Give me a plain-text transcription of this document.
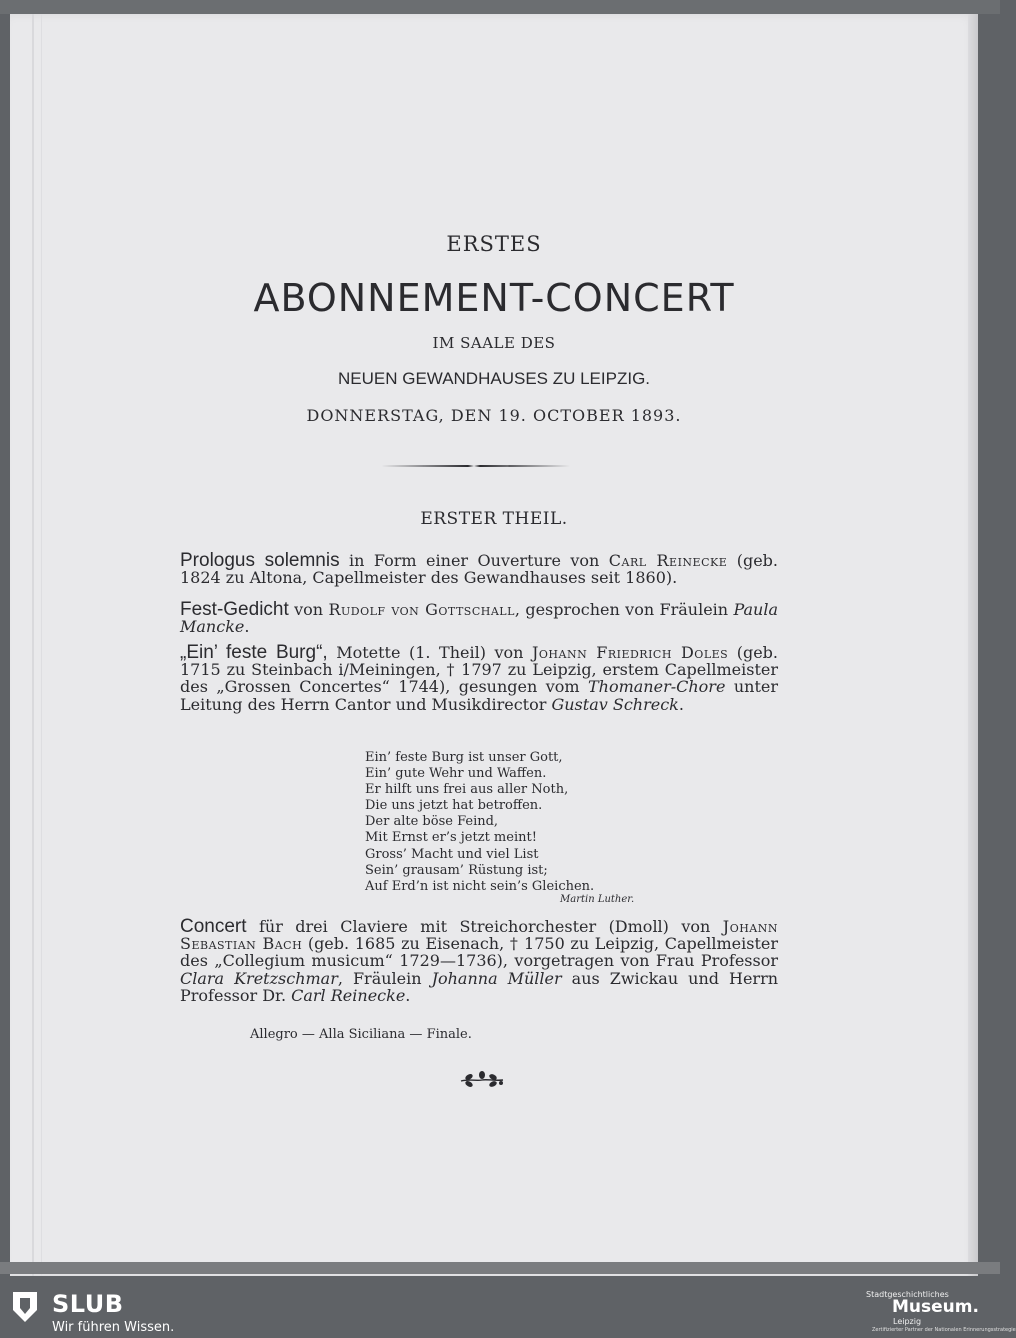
ERSTES
ABONNEMENT-CONCERT
IM SAALE DES
NEUEN GEWANDHAUSES ZU LEIPZIG.
DONNERSTAG, DEN 19. OCTOBER 1893.
ERSTER THEIL.
Prologus solemnis in Form einer Ouverture von Carl Reinecke (geb. 1824 zu Altona, Capellmeister des Gewandhauses seit 1860).
Fest-Gedicht von Rudolf von Gottschall, gesprochen von Fräulein Paula Mancke.
„Ein’ feste Burg“, Motette (1. Theil) von Johann Friedrich Doles (geb. 1715 zu Steinbach i/Meiningen, † 1797 zu Leipzig, erstem Capellmeister des „Grossen Concertes“ 1744), gesungen vom Thomaner-Chore unter Leitung des Herrn Cantor und Musikdirector Gustav Schreck.
Ein’ feste Burg ist unser Gott,
Ein’ gute Wehr und Waffen.
Er hilft uns frei aus aller Noth,
Die uns jetzt hat betroffen.
Der alte böse Feind,
Mit Ernst er’s jetzt meint!
Gross’ Macht und viel List
Sein’ grausam’ Rüstung ist;
Auf Erd’n ist nicht sein’s Gleichen.
Martin Luther.
Concert für drei Claviere mit Streichorchester (Dmoll) von Johann Sebastian Bach (geb. 1685 zu Eisenach, † 1750 zu Leipzig, Capellmeister des „Collegium musicum“ 1729—1736), vorgetragen von Frau Professor Clara Kretzschmar, Fräulein Johanna Müller aus Zwickau und Herrn Professor Dr. Carl Reinecke.
Allegro — Alla Siciliana — Finale.
SLUB
Wir führen Wissen.
Stadtgeschichtliches
Museum.
Leipzig
Zertifizierter Partner der Nationalen Erinnerungsstrategie
